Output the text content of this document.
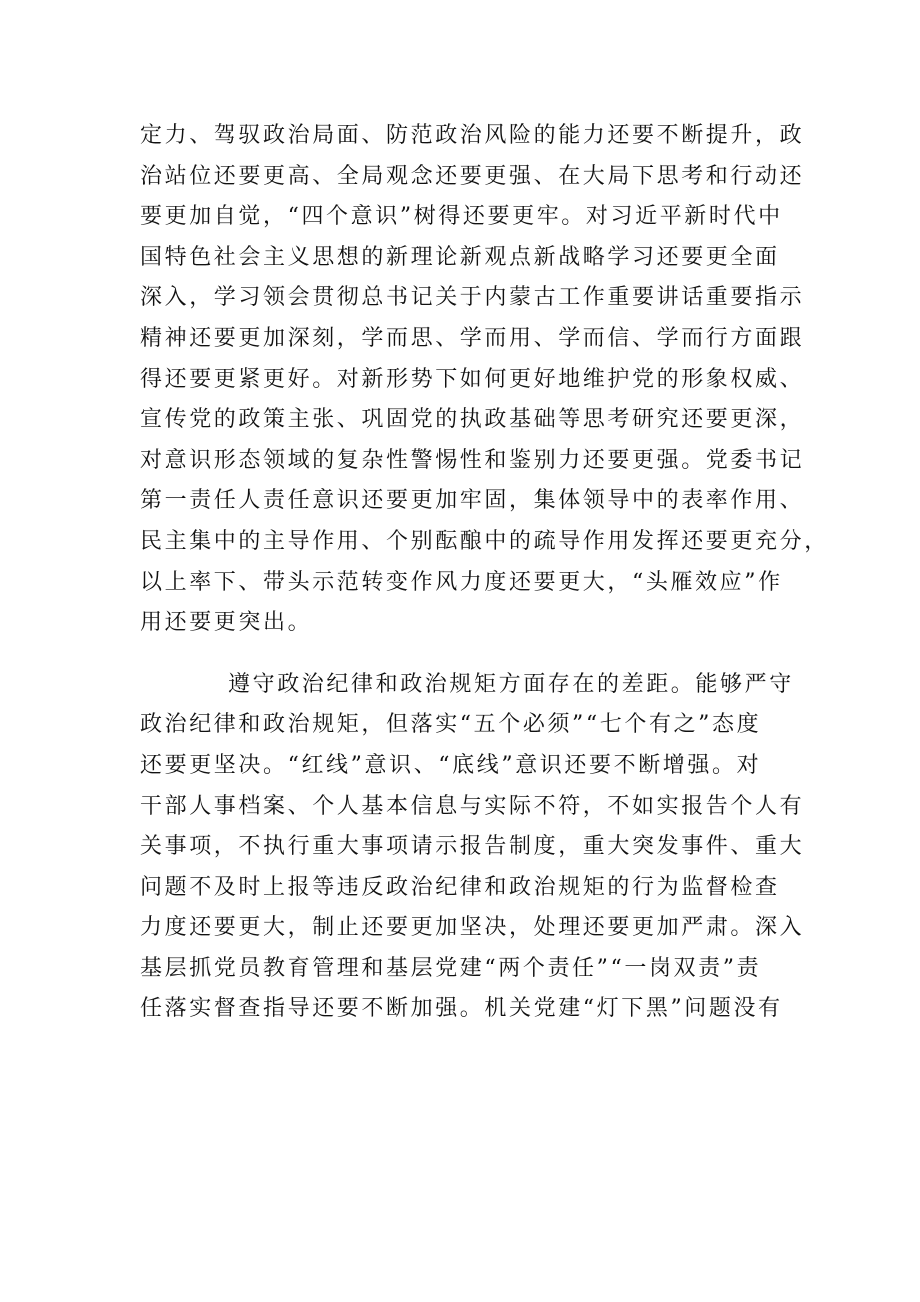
定力、驾驭政治局面、防范政治风险的能力还要不断提升，政
治站位还要更高、全局观念还要更强、在大局下思考和行动还
要更加自觉，“四个意识”树得还要更牢。对习近平新时代中
国特色社会主义思想的新理论新观点新战略学习还要更全面
深入，学习领会贯彻总书记关于内蒙古工作重要讲话重要指示
精神还要更加深刻，学而思、学而用、学而信、学而行方面跟
得还要更紧更好。对新形势下如何更好地维护党的形象权威、
宣传党的政策主张、巩固党的执政基础等思考研究还要更深，
对意识形态领域的复杂性警惕性和鉴别力还要更强。党委书记
第一责任人责任意识还要更加牢固，集体领导中的表率作用、
民主集中的主导作用、个别酝酿中的疏导作用发挥还要更充分，
以上率下、带头示范转变作风力度还要更大，“头雁效应”作
用还要更突出。
遵守政治纪律和政治规矩方面存在的差距。能够严守
政治纪律和政治规矩，但落实“五个必须”“七个有之”态度
还要更坚决。“红线”意识、“底线”意识还要不断增强。对
干部人事档案、个人基本信息与实际不符，不如实报告个人有
关事项，不执行重大事项请示报告制度，重大突发事件、重大
问题不及时上报等违反政治纪律和政治规矩的行为监督检查
力度还要更大，制止还要更加坚决，处理还要更加严肃。深入
基层抓党员教育管理和基层党建“两个责任”“一岗双责”责
任落实督查指导还要不断加强。机关党建“灯下黑”问题没有
